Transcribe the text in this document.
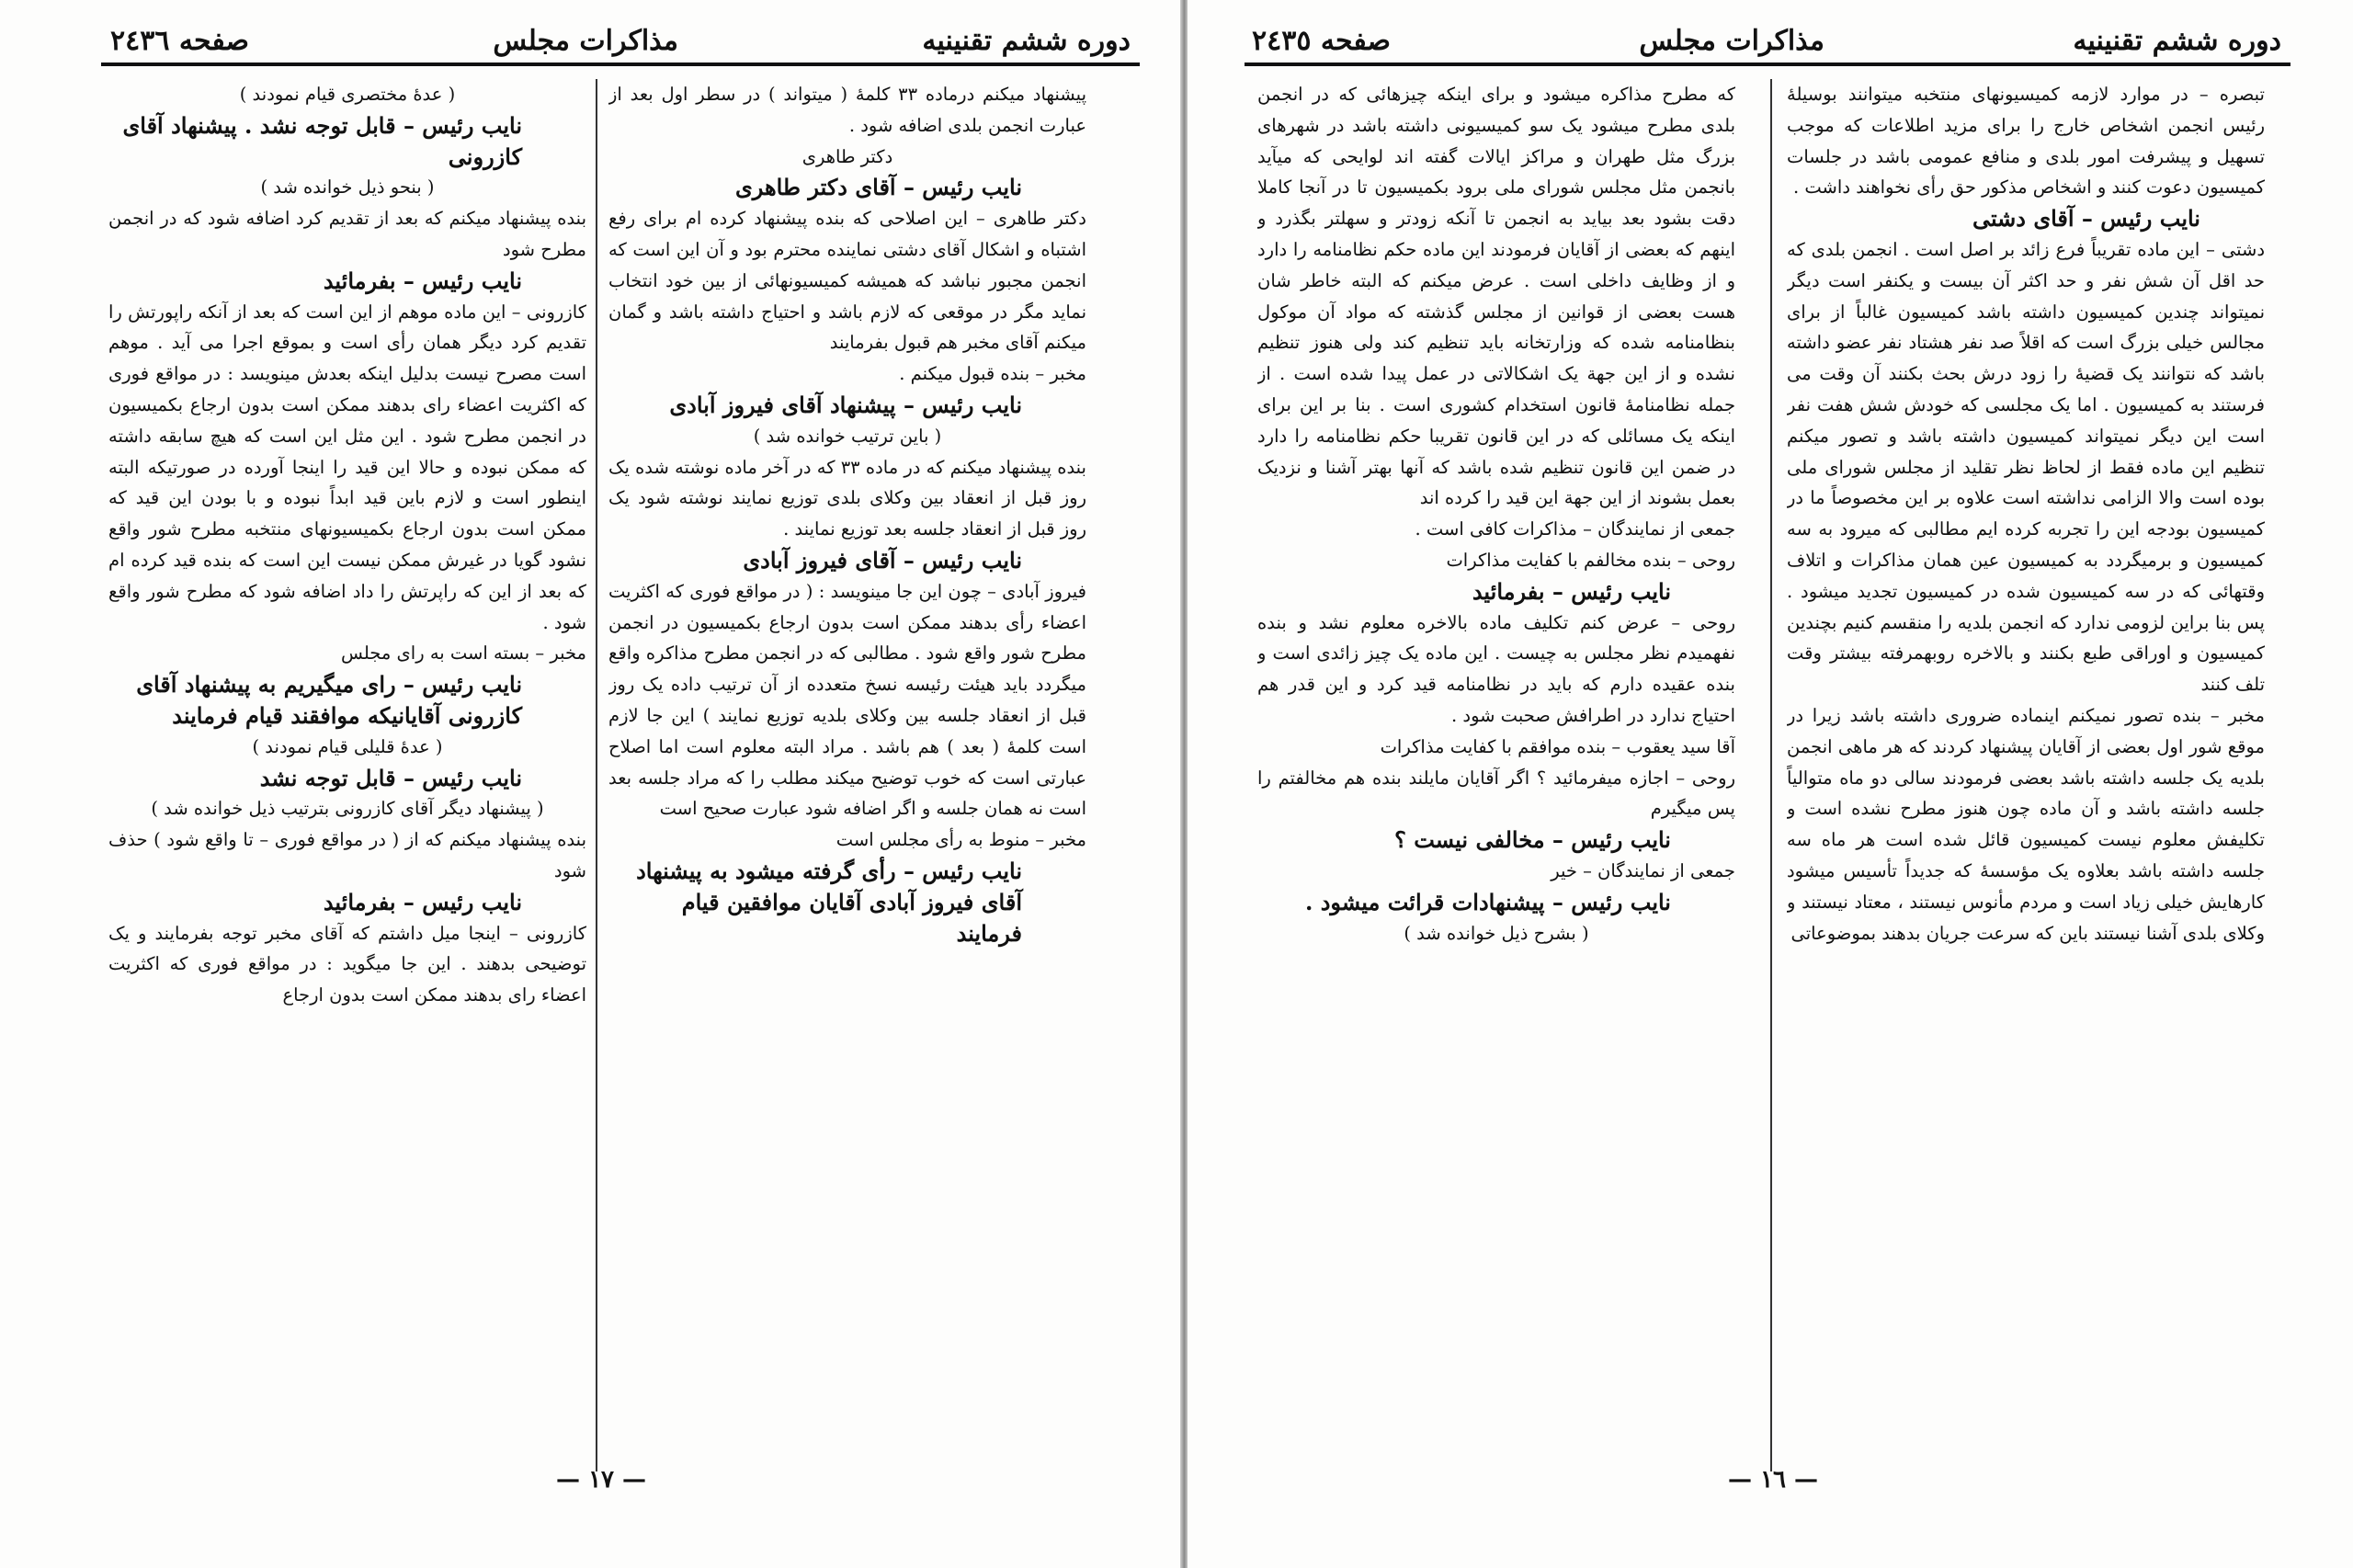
دوره ششم تقنينيه
مذاكرات مجلس
صفحه ٢٤٣٦

پیشنهاد میکنم درماده ۳۳ کلمهٔ ( میتواند ) در سطر اول بعد از عبارت انجمن بلدی اضافه شود .

دکتر طاهری

نایب رئیس – آقای دکتر طاهری

دکتر طاهری – این اصلاحی که بنده پیشنهاد کرده ام برای رفع اشتباه و اشکال آقای دشتی نماینده محترم بود و آن این است که انجمن مجبور نباشد که همیشه کمیسیونهائی از بین خود انتخاب نماید مگر در موقعی که لازم باشد و احتیاج داشته باشد و گمان میکنم آقای مخبر هم قبول بفرمایند

مخبر – بنده قبول میکنم .

نایب رئیس – پیشنهاد آقای فیروز آبادی

( باین ترتیب خوانده شد )

بنده پیشنهاد میکنم که در ماده ۳۳ که در آخر ماده نوشته شده یک روز قبل از انعقاد بین وکلای بلدی توزیع نمایند نوشته شود یک روز قبل از انعقاد جلسه بعد توزیع نمایند .

نایب رئیس – آقای فیروز آبادی

فیروز آبادی – چون این جا مینویسد : ( در مواقع فوری که اکثریت اعضاء رأی بدهند ممکن است بدون ارجاع بکمیسیون در انجمن مطرح شور واقع شود . مطالبی که در انجمن مطرح مذاکره واقع میگردد باید هیئت رئیسه نسخ متعدده از آن ترتیب داده یک روز قبل از انعقاد جلسه بین وکلای بلدیه توزیع نمایند ) این جا لازم است کلمهٔ ( بعد ) هم باشد . مراد البته معلوم است اما اصلاح عبارتی است که خوب توضیح میکند مطلب را که مراد جلسه بعد است نه همان جلسه و اگر اضافه شود عبارت صحیح است

مخبر – منوط به رأی مجلس است

نایب رئیس – رأی گرفته میشود به پیشنهاد آقای فیروز آبادی آقایان موافقین قیام فرمایند

( عدهٔ مختصری قیام نمودند )

نایب رئیس – قابل توجه نشد . پیشنهاد آقای کازرونی

( بنحو ذیل خوانده شد )

بنده پیشنهاد میکنم که بعد از تقدیم کرد اضافه شود که در انجمن مطرح شود

نایب رئیس – بفرمائید

کازرونی – این ماده موهم از این است که بعد از آنکه راپورتش را تقدیم کرد دیگر همان رأی است و بموقع اجرا می آید . موهم است مصرح نیست بدلیل اینکه بعدش مینویسد : در مواقع فوری که اکثریت اعضاء رای بدهند ممکن است بدون ارجاع بکمیسیون در انجمن مطرح شود . این مثل این است که هیچ سابقه داشته که ممکن نبوده و حالا این قید را اینجا آورده در صورتیکه البته اینطور است و لازم باین قید ابداً نبوده و با بودن این قید که ممکن است بدون ارجاع بکمیسیونهای منتخبه مطرح شور واقع نشود گویا در غیرش ممکن نیست این است که بنده قید کرده ام که بعد از این که راپرتش را داد اضافه شود که مطرح شور واقع شود .

مخبر – بسته است به رای مجلس

نایب رئیس – رای میگیریم به پیشنهاد آقای کازرونی آقایانیکه موافقند قیام فرمایند

( عدهٔ قلیلی قیام نمودند )

نایب رئیس – قابل توجه نشد

( پیشنهاد دیگر آقای کازرونی بترتیب ذیل خوانده شد )

بنده پیشنهاد میکنم که از ( در مواقع فوری – تا واقع شود ) حذف شود

نایب رئیس – بفرمائید

کازرونی – اینجا میل داشتم که آقای مخبر توجه بفرمایند و یک توضیحی بدهند . این جا میگوید : در مواقع فوری که اکثریت اعضاء رای بدهند ممکن است بدون ارجاع

— ١٧ —
دوره ششم تقنینیه
مذاکرات مجلس
صفحه ٢٤٣٥

تبصره – در موارد لازمه کمیسیونهای منتخبه میتوانند بوسیلهٔ رئیس انجمن اشخاص خارج را برای مزید اطلاعات که موجب تسهیل و پیشرفت امور بلدی و منافع عمومی باشد در جلسات کمیسیون دعوت کنند و اشخاص مذکور حق رأی نخواهند داشت .

نایب رئیس – آقای دشتی

دشتی – این ماده تقریباً فرع زائد بر اصل است . انجمن بلدی که حد اقل آن شش نفر و حد اکثر آن بیست و یکنفر است دیگر نمیتواند چندین کمیسیون داشته باشد کمیسیون غالباً از برای مجالس خیلی بزرگ است که اقلاً صد نفر هشتاد نفر عضو داشته باشد که نتوانند یک قضیهٔ را زود درش بحث بکنند آن وقت می فرستند به کمیسیون . اما یک مجلسی که خودش شش هفت نفر است این دیگر نمیتواند کمیسیون داشته باشد و تصور میکنم تنظیم این ماده فقط از لحاظ نظر تقلید از مجلس شورای ملی بوده است والا الزامی نداشته است علاوه بر این مخصوصاً ما در کمیسیون بودجه این را تجربه کرده ایم مطالبی که میرود به سه کمیسیون و برمیگردد به کمیسیون عین همان مذاکرات و اتلاف وقتهائی که در سه کمیسیون شده در کمیسیون تجدید میشود . پس بنا براین لزومی ندارد که انجمن بلدیه را منقسم کنیم بچندین کمیسیون و اوراقی طبع بکنند و بالاخره روبهمرفته بیشتر وقت تلف کنند

مخبر – بنده تصور نمیکنم اینماده ضروری داشته باشد زیرا در موقع شور اول بعضی از آقایان پیشنهاد کردند که هر ماهی انجمن بلدیه یک جلسه داشته باشد بعضی فرمودند سالی دو ماه متوالیاً جلسه داشته باشد و آن ماده چون هنوز مطرح نشده است و تکلیفش معلوم نیست کمیسیون قائل شده است هر ماه سه جلسه داشته باشد بعلاوه یک مؤسسهٔ که جدیداً تأسیس میشود کارهایش خیلی زیاد است و مردم مأنوس نیستند ، معتاد نیستند و وکلای بلدی آشنا نیستند باین که سرعت جریان بدهند بموضوعاتی

که مطرح مذاکره میشود و برای اینکه چیزهائی که در انجمن بلدی مطرح میشود یک سو کمیسیونی داشته باشد در شهرهای بزرگ مثل طهران و مراکز ایالات گفته اند لوایحی که میآید بانجمن مثل مجلس شورای ملی برود بکمیسیون تا در آنجا کاملا دقت بشود بعد بیاید به انجمن تا آنکه زودتر و سهلتر بگذرد و اینهم که بعضی از آقایان فرمودند این ماده حکم نظامنامه را دارد و از وظایف داخلی است . عرض میکنم که البته خاطر شان هست بعضی از قوانین از مجلس گذشته که مواد آن موکول بنظامنامه شده که وزارتخانه باید تنظیم کند ولی هنوز تنظیم نشده و از این جهة یک اشکالاتی در عمل پیدا شده است . از جمله نظامنامهٔ قانون استخدام کشوری است . بنا بر این برای اینکه یک مسائلی که در این قانون تقریبا حکم نظامنامه را دارد در ضمن این قانون تنظیم شده باشد که آنها بهتر آشنا و نزدیک بعمل بشوند از این جهة این قید را کرده اند

جمعی از نمایندگان – مذاکرات کافی است .

روحی – بنده مخالفم با کفایت مذاکرات

نایب رئیس – بفرمائید

روحی – عرض کنم تکلیف ماده بالاخره معلوم نشد و بنده نفهمیدم نظر مجلس به چیست . این ماده یک چیز زائدی است و بنده عقیده دارم که باید در نظامنامه قید کرد و این قدر هم احتیاج ندارد در اطرافش صحبت شود .

آقا سید یعقوب – بنده موافقم با کفایت مذاکرات

روحی – اجازه میفرمائید ؟ اگر آقایان مایلند بنده هم مخالفتم را پس میگیرم

نایب رئیس – مخالفی نیست ؟

جمعی از نمایندگان – خیر

نایب رئیس – پیشنهادات قرائت میشود .

( بشرح ذیل خوانده شد )

— ١٦ —
